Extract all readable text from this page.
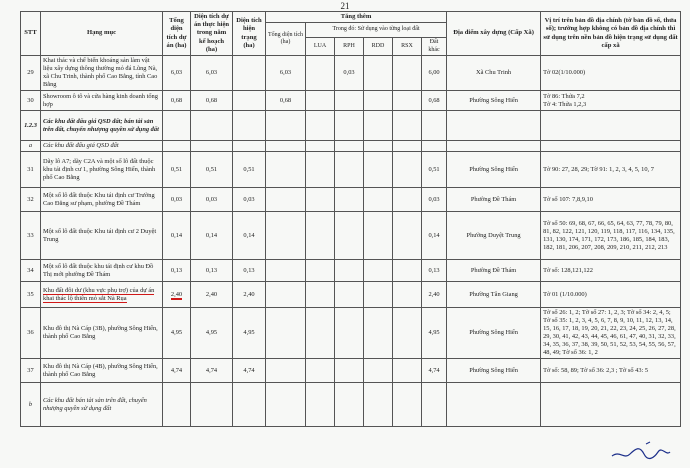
21
STT	Hạng mục	Tổng diện tích dự án (ha)	Diện tích dự án thực hiện trong năm kế hoạch (ha)	Diện tích hiện trạng (ha)	Tăng thêm						Địa điểm xây dựng (Cấp Xã)	Vị trí trên bản đồ địa chính (tờ bản đồ số, thửa số); trường hợp không có bản đồ địa chính thì sử dụng trên nền bản đồ hiện trạng sử dụng đất cấp xã
					Tổng diện tích (ha)	Trong đó: Sử dụng vào từng loại đất						
						LUA	RPH	RDD	RSX	Đất khác		
29	Khai thác và chế biến khoáng sản làm vật liệu xây dựng thông thường mỏ đá Lũng Nà, xã Chu Trinh, thành phố Cao Bằng, tỉnh Cao Bằng	6,03	6,03		6,03		0,03			6,00	Xã Chu Trinh	Tờ 02(1/10.000)
30	Showroom ô tô và cửa hàng kinh doanh tổng hợp	0,68	0,68		0,68					0,68	Phường Sông Hiến	Tờ 86: Thửa 7,2
Tờ 4: Thửa 1,2,3
1.2.3	Các khu đất đấu giá QSD đất; bán tài sản trên đất, chuyển nhượng quyền sử dụng đất											
a	Các khu đất đấu giá QSD đất											
31	Dãy lô A7; dãy C2A và một số lô đất thuộc khu tái định cư 1, phường Sông Hiến, thành phố Cao Bằng	0,51	0,51	0,51						0,51	Phường Sông Hiến	Tờ 90: 27, 28, 29; Tờ 91: 1, 2, 3, 4, 5, 10, 7
32	Một số lô đất thuộc Khu tái định cư Trường Cao Đẳng sư phạm, phường Đề Thám	0,03	0,03	0,03						0,03	Phường Đề Thám	Tờ số 107: 7,8,9,10
33	Một số lô đất thuộc Khu tái định cư 2 Duyệt Trung	0,14	0,14	0,14						0,14	Phường Duyệt Trung	Tờ số 50: 69, 68, 67, 66, 65, 64, 63, 77, 78, 79, 80, 81, 82, 122, 121, 120, 119, 118, 117, 116, 134, 135, 131, 130, 174, 171, 172, 173, 186, 185, 184, 183, 182, 181, 206, 207, 208, 209, 210, 211, 212, 213
34	Một số lô đất thuộc khu tái định cư khu Đồ Thị mới phường Đề Thám	0,13	0,13	0,13						0,13	Phường Đề Thám	Tờ số: 128,121,122
35	Khu đất đôi dư (khu vực phụ trợ) của dự án khai thác lộ thiên mỏ sắt Nà Rụa	2,40	2,40	2,40						2,40	Phường Tân Giang	Tờ 01 (1/10.000)
36	Khu đô thị Nà Cáp (3B), phường Sông Hiến, thành phố Cao Bằng	4,95	4,95	4,95						4,95	Phường Sông Hiến	Tờ số 26: 1, 2; Tờ số 27: 1, 2, 3; Tờ số 34: 2, 4, 5; Tờ số 35: 1, 2, 3, 4, 5, 6, 7, 8, 9, 10, 11, 12, 13, 14, 15, 16, 17, 18, 19, 20, 21, 22, 23, 24, 25, 26, 27, 28, 29, 30, 41, 42, 43, 44, 45, 46, 61, 47, 40, 31, 32, 33, 34, 35, 36, 37, 38, 39, 50, 51, 52, 53, 54, 55, 56, 57, 48, 49; Tờ số 36: 1, 2
37	Khu đô thị Nà Cáp (4B), phường Sông Hiến, thành phố Cao Bằng	4,74	4,74	4,74						4,74	Phường Sông Hiến	Tờ số: 58, 89; Tờ số 36: 2,3 ; Tờ số 43: 5
b	Các khu đất bán tài sản trên đất, chuyển nhượng quyền sử dụng đất											
